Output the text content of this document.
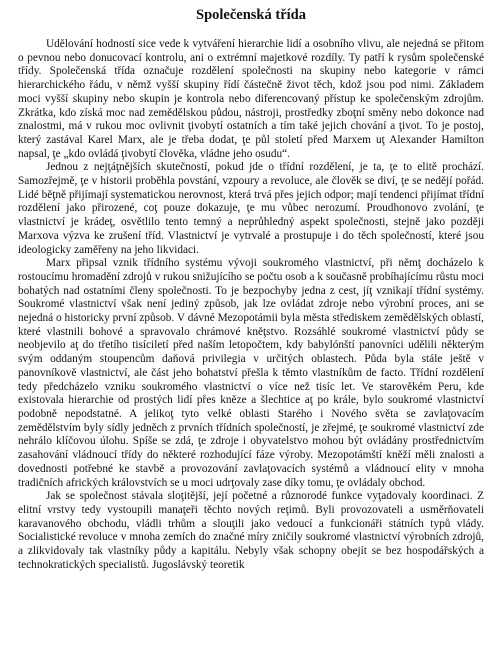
Společenská třída

Udělování hodností sice vede k vytváření hierarchie lidí a osobního vlivu, ale nejedná se přitom o pevnou nebo donucovací kontrolu, ani o extrémní majetkové rozdíly. Ty patří k rysům společenské třídy. Společenská třída označuje rozdělení společnosti na skupiny nebo kategorie v rámci hierarchického řádu, v němž vyšší skupiny řídí částečně život těch, kdož jsou pod nimi. Základem moci vyšší skupiny nebo skupin je kontrola nebo diferencovaný přístup ke společenským zdrojům. Zkrátka, kdo získá moc nad zemědělskou půdou, nástroji, prostředky zboţní směny nebo dokonce nad znalostmi, má v rukou moc ovlivnit ţivobytí ostatních a tím také jejich chování a ţivot. To je postoj, který zastával Karel Marx, ale je třeba dodat, ţe půl století před Marxem uţ Alexander Hamilton napsal, ţe „kdo ovládá ţivobytí člověka, vládne jeho osudu“.

Jednou z nejţáţnějších skutečností, pokud jde o třídní rozdělení, je ta, ţe to elitě prochází. Samozřejmě, ţe v historii proběhla povstání, vzpoury a revoluce, ale člověk se diví, ţe se nedějí pořád. Lidé běţně přijímají systematickou nerovnost, která trvá přes jejich odpor; mají tendenci přijímat třídní rozdělení jako přirozené, coţ pouze dokazuje, ţe mu vůbec nerozumí. Proudhonovo zvolání, ţe vlastnictví je krádeţ, osvětlilo tento temný a neprůhledný aspekt společnosti, stejně jako později Marxova výzva ke zrušení tříd. Vlastnictví je vytrvalé a prostupuje i do těch společností, které jsou ideologicky zaměřeny na jeho likvidaci.

Marx připsal vznik třídního systému vývoji soukromého vlastnictví, při němţ docházelo k rostoucímu hromadění zdrojů v rukou snižujícího se počtu osob a k současně probíhajícímu růstu moci bohatých nad ostatními členy společnosti. To je bezpochyby jedna z cest, jíţ vznikají třídní systémy. Soukromé vlastnictví však není jediný způsob, jak lze ovládat zdroje nebo výrobní proces, ani se nejedná o historicky první způsob. V dávné Mezopotámii byla města střediskem zemědělských oblastí, které vlastnili bohové a spravovalo chrámové kněţstvo. Rozsáhlé soukromé vlastnictví půdy se neobjevilo aţ do třetího tisíciletí před naším letopočtem, kdy babylónští panovníci udělili některým svým oddaným stoupencům daňová privilegia v určitých oblastech. Půda byla stále ještě v panovníkově vlastnictví, ale část jeho bohatství přešla k těmto vlastníkům de facto. Třídní rozdělení tedy předcházelo vzniku soukromého vlastnictví o více než tisíc let. Ve starověkém Peru, kde existovala hierarchie od prostých lidí přes kněze a šlechtice aţ po krále, bylo soukromé vlastnictví podobně nepodstatné. A jelikoţ tyto velké oblasti Starého i Nového světa se zavlaţovacím zemědělstvím byly sídly jedněch z prvních třídních společností, je zřejmé, ţe soukromé vlastnictví zde nehrálo klíčovou úlohu. Spíše se zdá, ţe zdroje i obyvatelstvo mohou být ovládány prostřednictvím zasahování vládnoucí třídy do některé rozhodující fáze výroby. Mezopotámští kněží měli znalosti a dovednosti potřebné ke stavbě a provozování zavlaţovacích systémů a vládnoucí elity v mnoha tradičních afrických královstvích se u moci udrţovaly zase díky tomu, ţe ovládaly obchod.

Jak se společnost stávala sloţitější, její početné a různorodé funkce vyţadovaly koordinaci. Z elitní vrstvy tedy vystoupili manaţeři těchto nových reţimů. Byli provozovateli a usměrňovateli karavanového obchodu, vládli trhům a slouţili jako vedoucí a funkcionáři státních typů vlády. Socialistické revoluce v mnoha zemích do značné míry zničily soukromé vlastnictví výrobních zdrojů, a zlikvidovaly tak vlastníky půdy a kapitálu. Nebyly však schopny obejít se bez hospodářských a technokratických specialistů. Jugoslávský teoretik
